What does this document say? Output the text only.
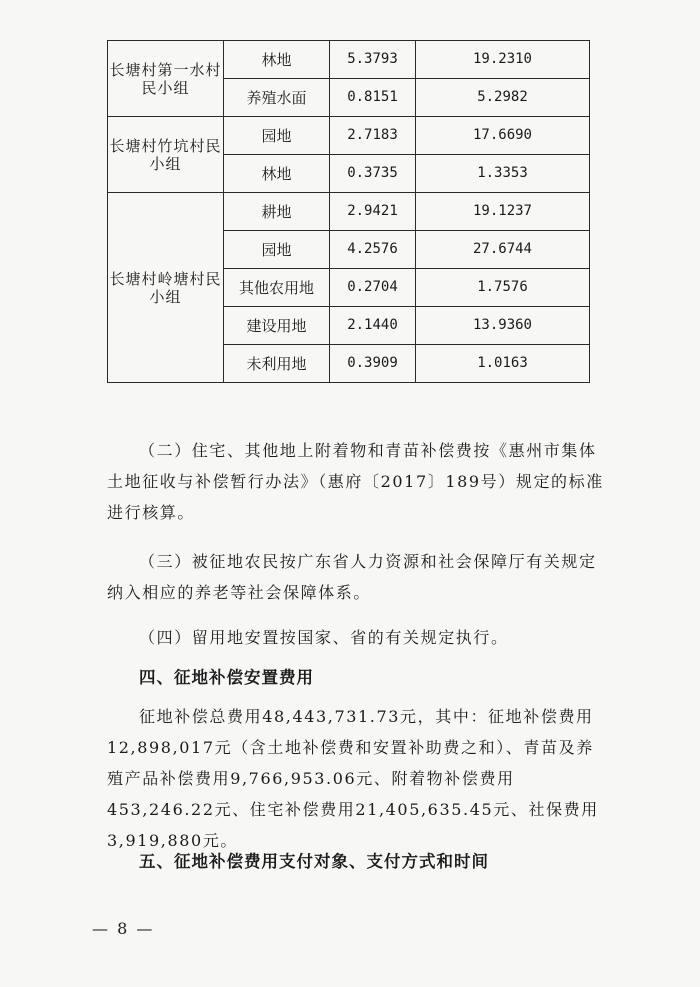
长塘村第一水村民小组	林地	5.3793	19.2310
	养殖水面	0.8151	5.2982
长塘村竹坑村民小组	园地	2.7183	17.6690
	林地	0.3735	1.3353
长塘村岭塘村民小组	耕地	2.9421	19.1237
	园地	4.2576	27.6744
	其他农用地	0.2704	1.7576
	建设用地	2.1440	13.9360
	未利用地	0.3909	1.0163

（二）住宅、其他地上附着物和青苗补偿费按《惠州市集体土地征收与补偿暂行办法》（惠府〔2017〕189号）规定的标准进行核算。

（三）被征地农民按广东省人力资源和社会保障厅有关规定纳入相应的养老等社会保障体系。

（四）留用地安置按国家、省的有关规定执行。

四、征地补偿安置费用

征地补偿总费用48,443,731.73元，其中：征地补偿费用12,898,017元（含土地补偿费和安置补助费之和）、青苗及养殖产品补偿费用9,766,953.06元、附着物补偿费用453,246.22元、住宅补偿费用21,405,635.45元、社保费用3,919,880元。

五、征地补偿费用支付对象、支付方式和时间

— 8 —
